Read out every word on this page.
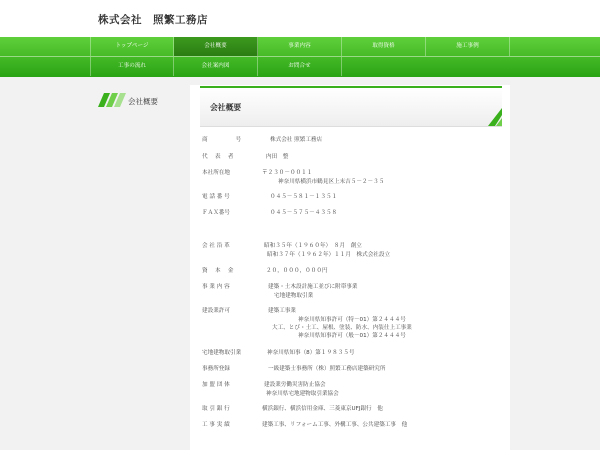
株式会社　照繁工務店
トップページ	会社概要	事業内容	取得資格	施工事例
工事の流れ	会社案内図	お問合せ
会社概要
会社概要
商　　　　　号	株式会社 照繁工務店
代　 表　 者	内田　整
本社所在地	〒２３０－００１１
神奈川県横浜市鶴見区上末吉５－２－３５
電 話 番 号	０４５－５８１－１３５１
ＦＡＸ番号	０４５－５７５－４３５８
会 社 沿 革	昭和３５年（１９６０年）　８月　創立
昭和３７年（１９６２年）１１月　株式会社設立
資　 本　 金	２０，０００，０００円
事 業 内 容	建築・土木設計施工並びに附帯事業
宅地建物取引業
建設業許可	建築工事業
神奈川県知事許可（特－01）第２４４４号
大工、とび・土工、屋根、塗装、防水、内装仕上工事業
神奈川県知事許可（般－01）第２４４４号
宅地建物取引業	神奈川県知事（8）第１９８３５号
事務所登録	一級建築士事務所（株）照繁工務店建築研究所
加 盟 団 体	建設業労働災害防止協会
神奈川県宅地建物取引業協会
取 引 銀 行	横浜銀行、横浜信用金庫、三菱東京UFJ銀行　他
工 事 実 績	建築工事、リフォーム工事、外構工事、公共建築工事　他
